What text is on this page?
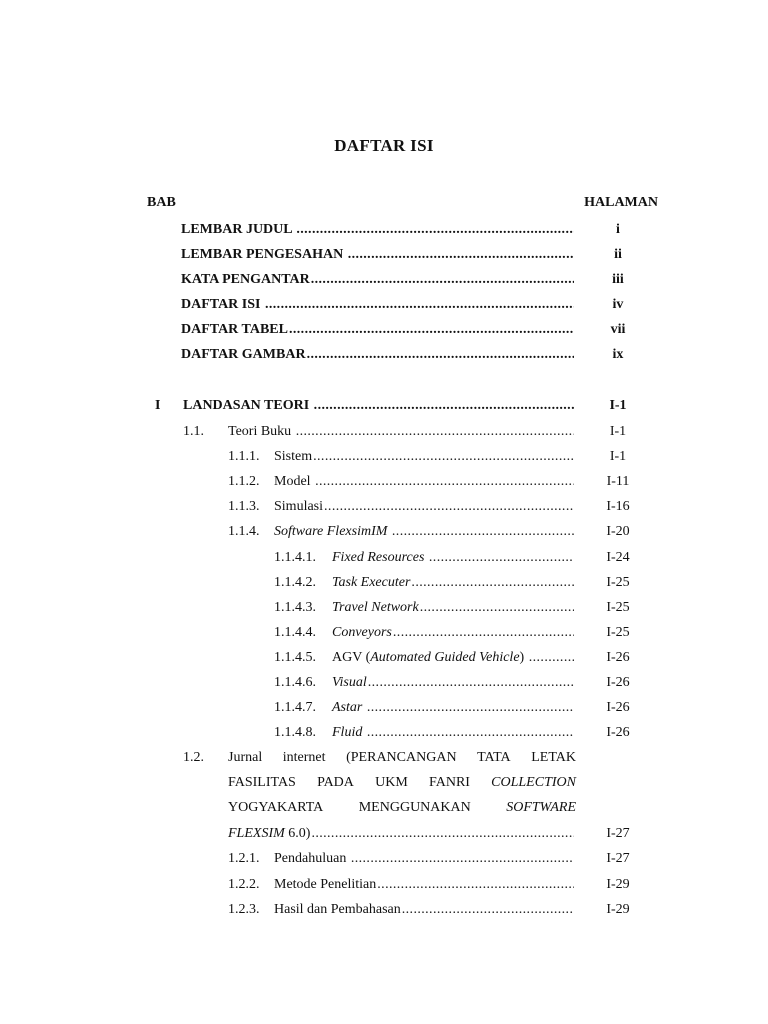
DAFTAR ISI
BAB	HALAMAN
LEMBAR JUDUL .....	i
LEMBAR PENGESAHAN .....	ii
KATA PENGANTAR .....	iii
DAFTAR ISI .....	iv
DAFTAR TABEL .....	vii
DAFTAR GAMBAR .....	ix
I LANDASAN TEORI .....	I-1
1.1.	Teori Buku .....	I-1
1.1.1.	Sistem .....	I-1
1.1.2.	Model .....	I-11
1.1.3.	Simulasi .....	I-16
1.1.4.	Software FlexsimIM .....	I-20
1.1.4.1.	Fixed Resources .....	I-24
1.1.4.2.	Task Executer .....	I-25
1.1.4.3.	Travel Network .....	I-25
1.1.4.4.	Conveyors .....	I-25
1.1.4.5.	AGV ( Automated Guided Vehicle ) .....	I-26
1.1.4.6.	Visual .....	I-26
1.1.4.7.	Astar .....	I-26
1.1.4.8.	Fluid .....	I-26
1.2. Jurnal internet (PERANCANGAN TATA LETAK
FASILITAS PADA UKM FANRI COLLECTION
YOGYAKARTA	MENGGUNAKAN	SOFTWARE
FLEXSIM 6.0) .....	I-27
1.2.1.	Pendahuluan .....	I-27
1.2.2.	Metode Penelitian .....	I-29
1.2.3.	Hasil dan Pembahasan .....	I-29
